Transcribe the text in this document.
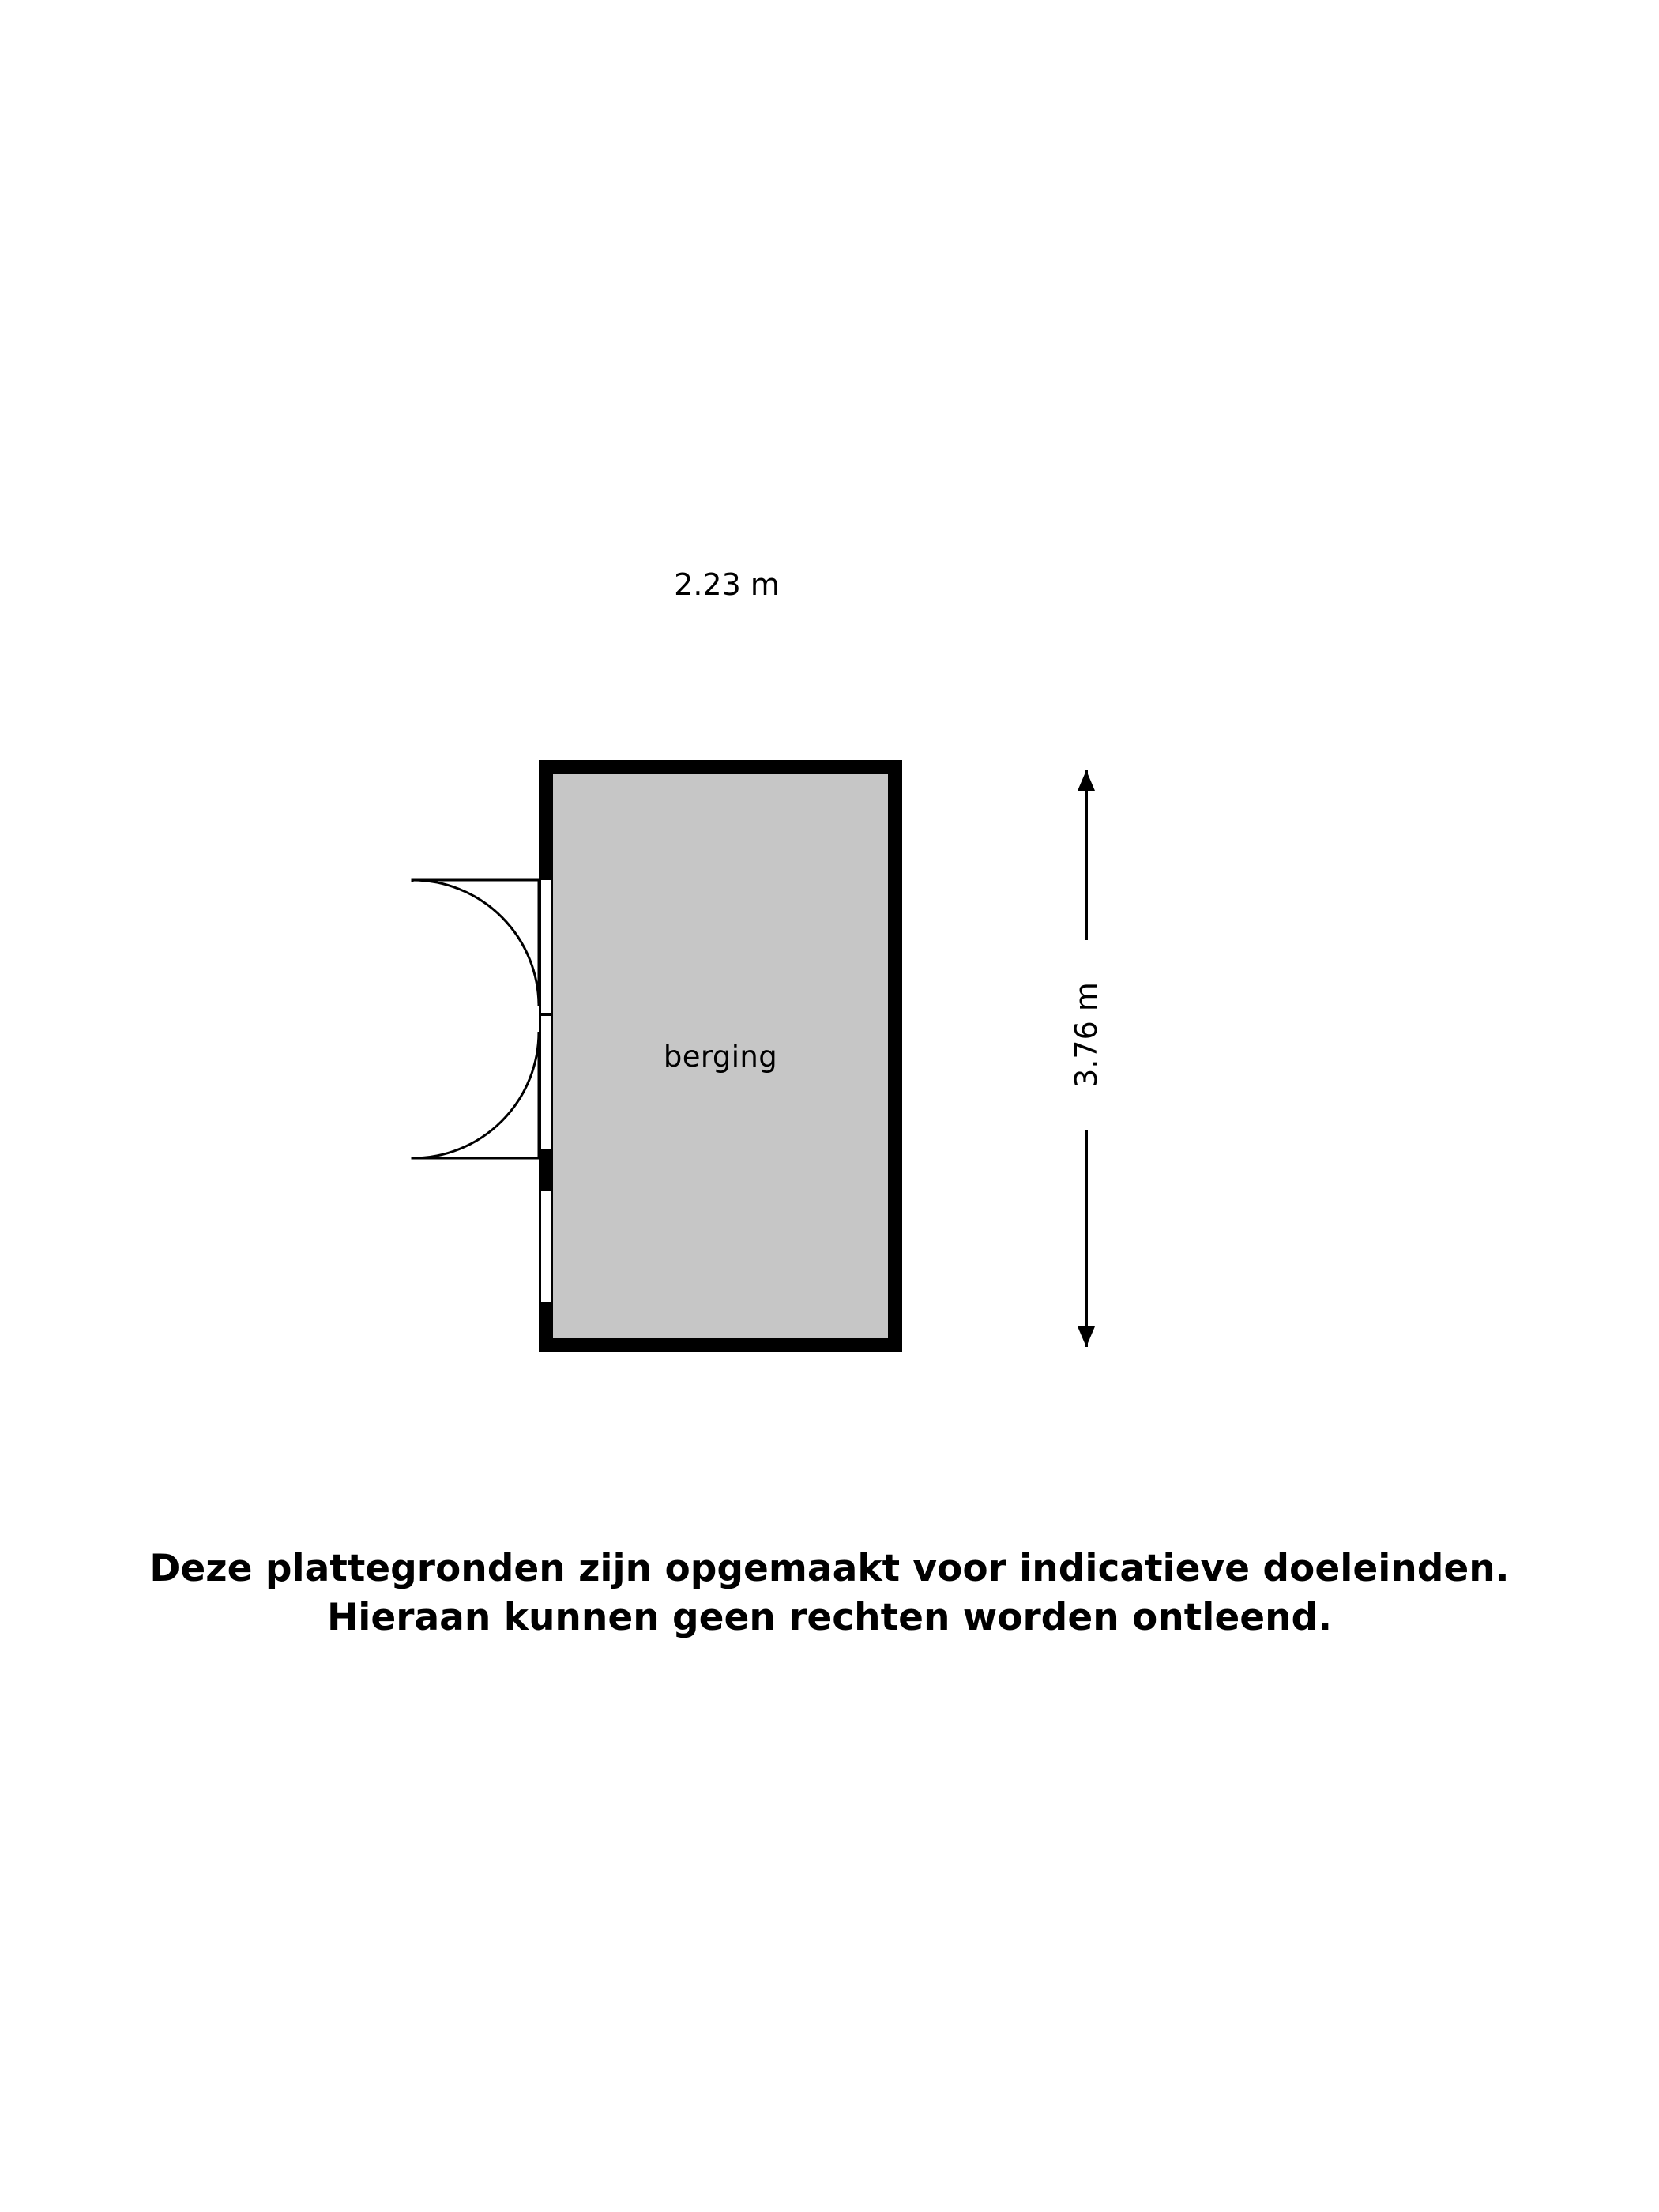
2.23 m
3.76 m
berging
Deze plattegronden zijn opgemaakt voor indicatieve doeleinden.
Hieraan kunnen geen rechten worden ontleend.
